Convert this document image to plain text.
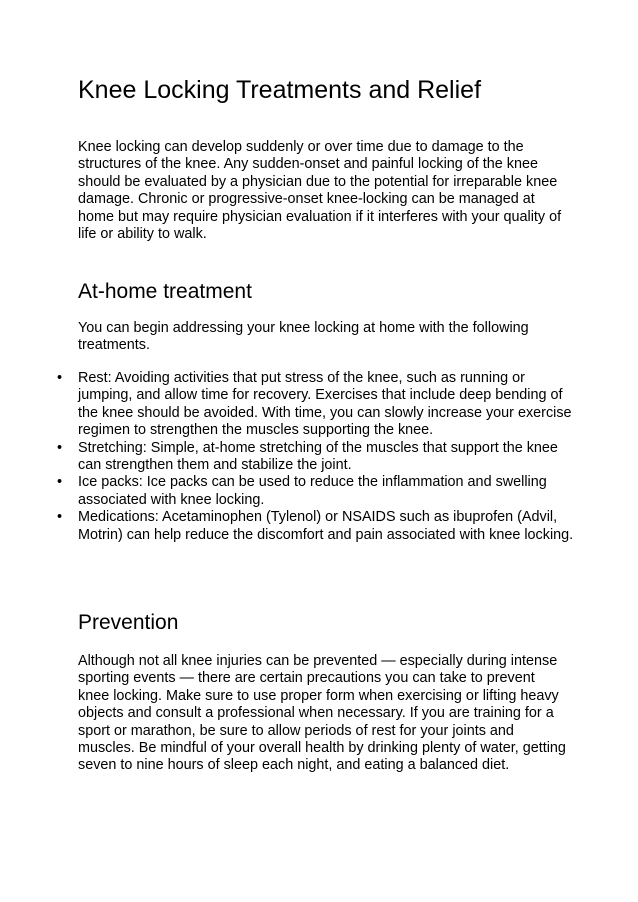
Knee Locking Treatments and Relief

Knee locking can develop suddenly or over time due to damage to the structures of the knee. Any sudden-onset and painful locking of the knee should be evaluated by a physician due to the potential for irreparable knee damage. Chronic or progressive-onset knee-locking can be managed at home but may require physician evaluation if it interferes with your quality of life or ability to walk.

At-home treatment

You can begin addressing your knee locking at home with the following treatments.

• Rest: Avoiding activities that put stress of the knee, such as running or jumping, and allow time for recovery. Exercises that include deep bending of the knee should be avoided. With time, you can slowly increase your exercise regimen to strengthen the muscles supporting the knee.
• Stretching: Simple, at-home stretching of the muscles that support the knee can strengthen them and stabilize the joint.
• Ice packs: Ice packs can be used to reduce the inflammation and swelling associated with knee locking.
• Medications: Acetaminophen (Tylenol) or NSAIDS such as ibuprofen (Advil, Motrin) can help reduce the discomfort and pain associated with knee locking.
Prevention

Although not all knee injuries can be prevented — especially during intense sporting events — there are certain precautions you can take to prevent knee locking. Make sure to use proper form when exercising or lifting heavy objects and consult a professional when necessary. If you are training for a sport or marathon, be sure to allow periods of rest for your joints and muscles. Be mindful of your overall health by drinking plenty of water, getting seven to nine hours of sleep each night, and eating a balanced diet.
